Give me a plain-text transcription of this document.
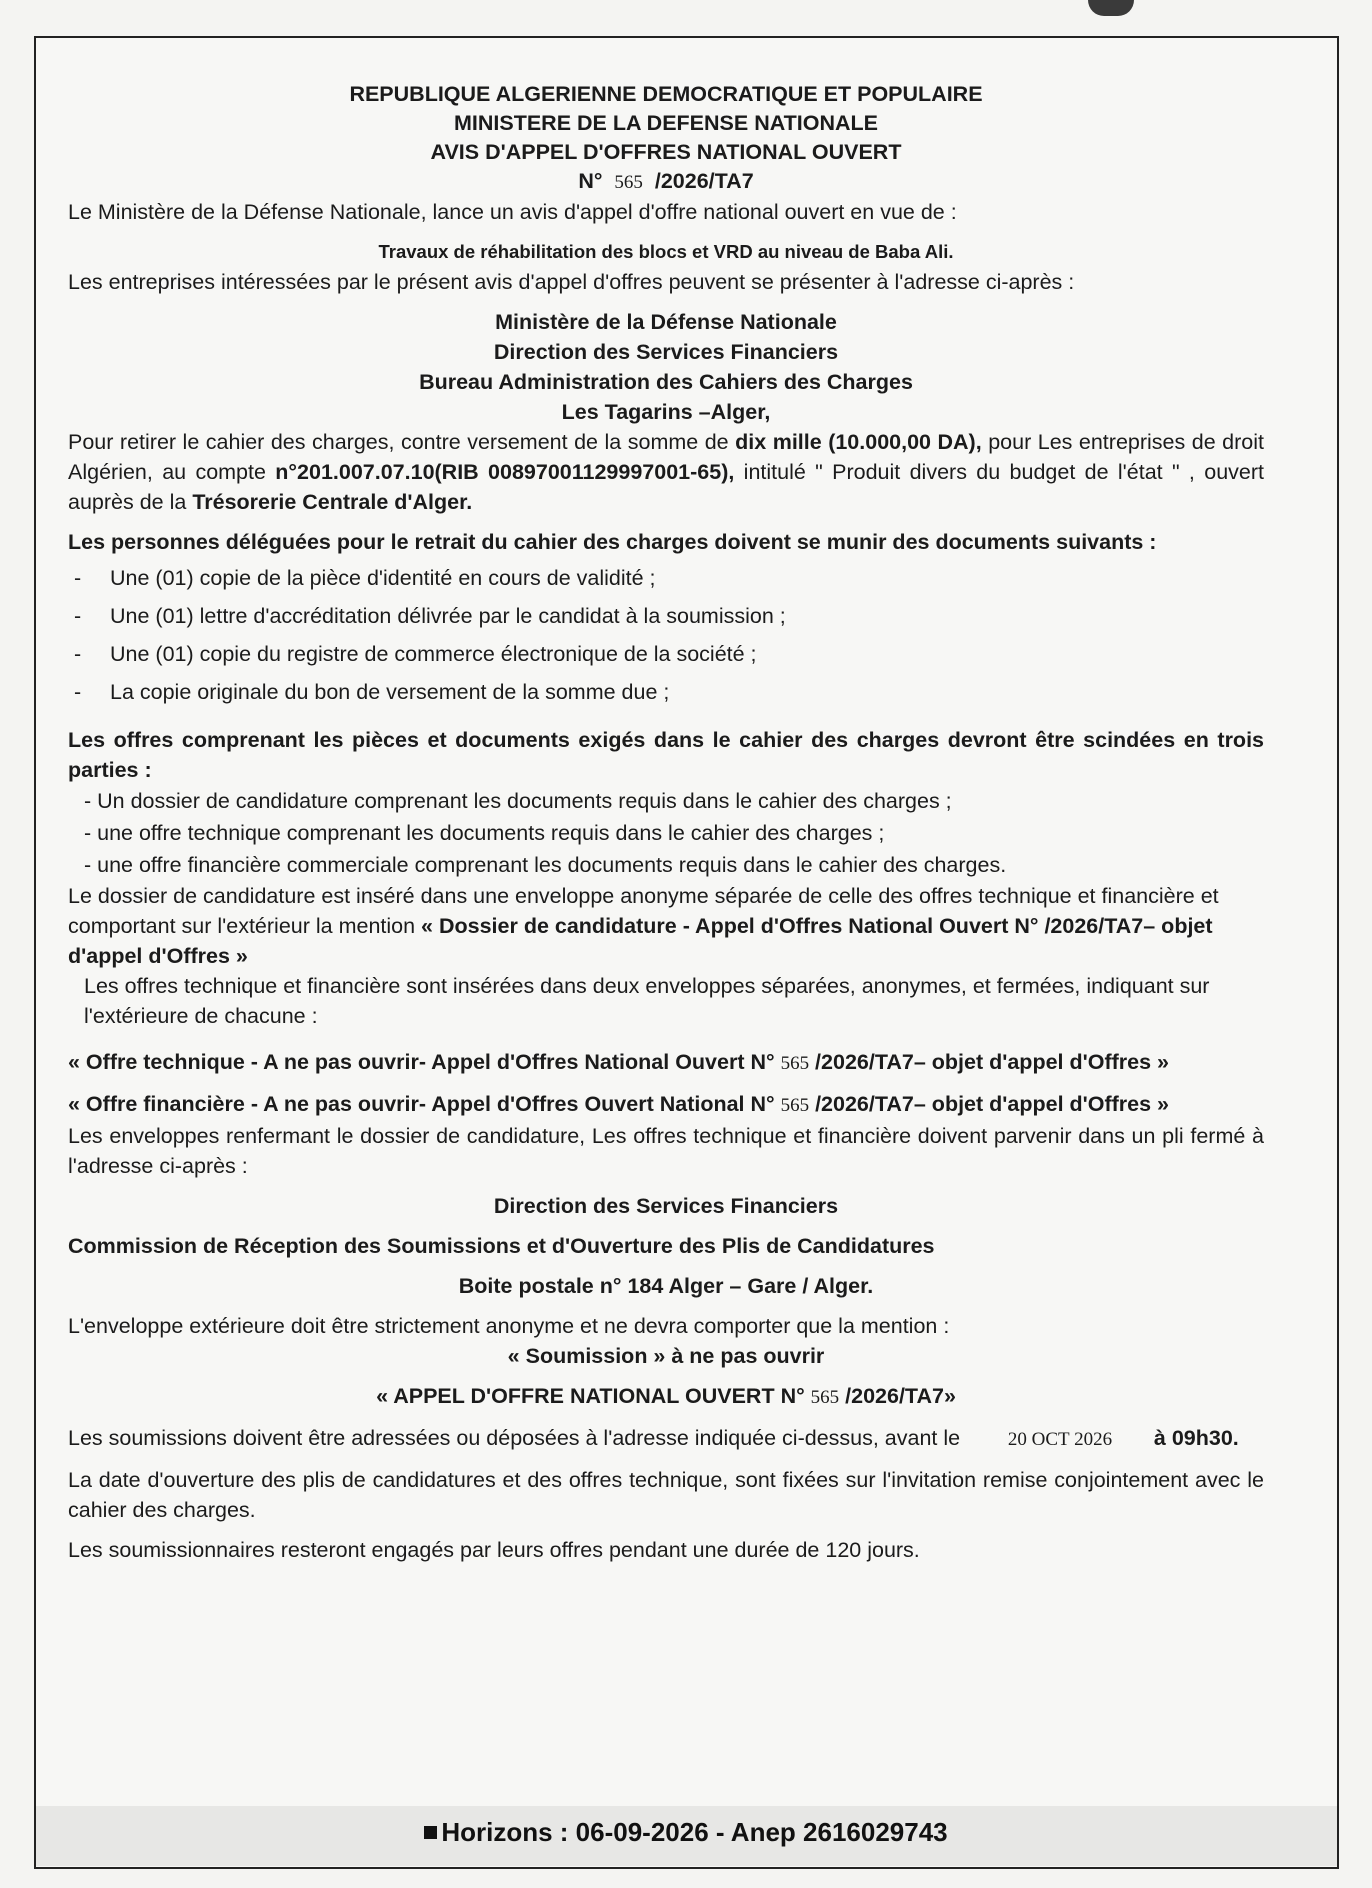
REPUBLIQUE ALGERIENNE DEMOCRATIQUE ET POPULAIRE

MINISTERE DE LA DEFENSE NATIONALE

AVIS D'APPEL D'OFFRES NATIONAL OUVERT

N° 565 /2026/TA7

Le Ministère de la Défense Nationale, lance un avis d'appel d'offre national ouvert en vue de :

Travaux de réhabilitation des blocs et VRD au niveau de Baba Ali.

Les entreprises intéressées par le présent avis d'appel d'offres peuvent se présenter à l'adresse ci-après :

Ministère de la Défense Nationale

Direction des Services Financiers

Bureau Administration des Cahiers des Charges

Les Tagarins –Alger,

Pour retirer le cahier des charges, contre versement de la somme de dix mille (10.000,00 DA), pour Les entreprises de droit Algérien, au compte n°201.007.07.10(RIB 00897001129997001-65), intitulé " Produit divers du budget de l'état " , ouvert auprès de la Trésorerie Centrale d'Alger.

Les personnes déléguées pour le retrait du cahier des charges doivent se munir des documents suivants :

- Une (01) copie de la pièce d'identité en cours de validité ;
- Une (01) lettre d'accréditation délivrée par le candidat à la soumission ;
- Une (01) copie du registre de commerce électronique de la société ;
- La copie originale du bon de versement de la somme due ;

Les offres comprenant les pièces et documents exigés dans le cahier des charges devront être scindées en trois parties :

- Un dossier de candidature comprenant les documents requis dans le cahier des charges ;
- une offre technique comprenant les documents requis dans le cahier des charges ;
- une offre financière commerciale comprenant les documents requis dans le cahier des charges.

Le dossier de candidature est inséré dans une enveloppe anonyme séparée de celle des offres technique et financière et comportant sur l'extérieur la mention « Dossier de candidature - Appel d'Offres National Ouvert N° /2026/TA7– objet d'appel d'Offres »

Les offres technique et financière sont insérées dans deux enveloppes séparées, anonymes, et fermées, indiquant sur l'extérieure de chacune :

« Offre technique - A ne pas ouvrir- Appel d'Offres National Ouvert N° 565 /2026/TA7– objet d'appel d'Offres »

« Offre financière - A ne pas ouvrir- Appel d'Offres Ouvert National N° 565 /2026/TA7– objet d'appel d'Offres »

Les enveloppes renfermant le dossier de candidature, Les offres technique et financière doivent parvenir dans un pli fermé à l'adresse ci-après :

Direction des Services Financiers

Commission de Réception des Soumissions et d'Ouverture des Plis de Candidatures

Boite postale n° 184 Alger – Gare / Alger.

L'enveloppe extérieure doit être strictement anonyme et ne devra comporter que la mention :

« Soumission » à ne pas ouvrir

« APPEL D'OFFRE NATIONAL OUVERT N° 565 /2026/TA7»

Les soumissions doivent être adressées ou déposées à l'adresse indiquée ci-dessus, avant le	20 OCT 2026 à 09h30.

La date d'ouverture des plis de candidatures et des offres technique, sont fixées sur l'invitation remise conjointement avec le cahier des charges.

Les soumissionnaires resteront engagés par leurs offres pendant une durée de 120 jours.

Horizons : 06-09-2026 - Anep 2616029743
